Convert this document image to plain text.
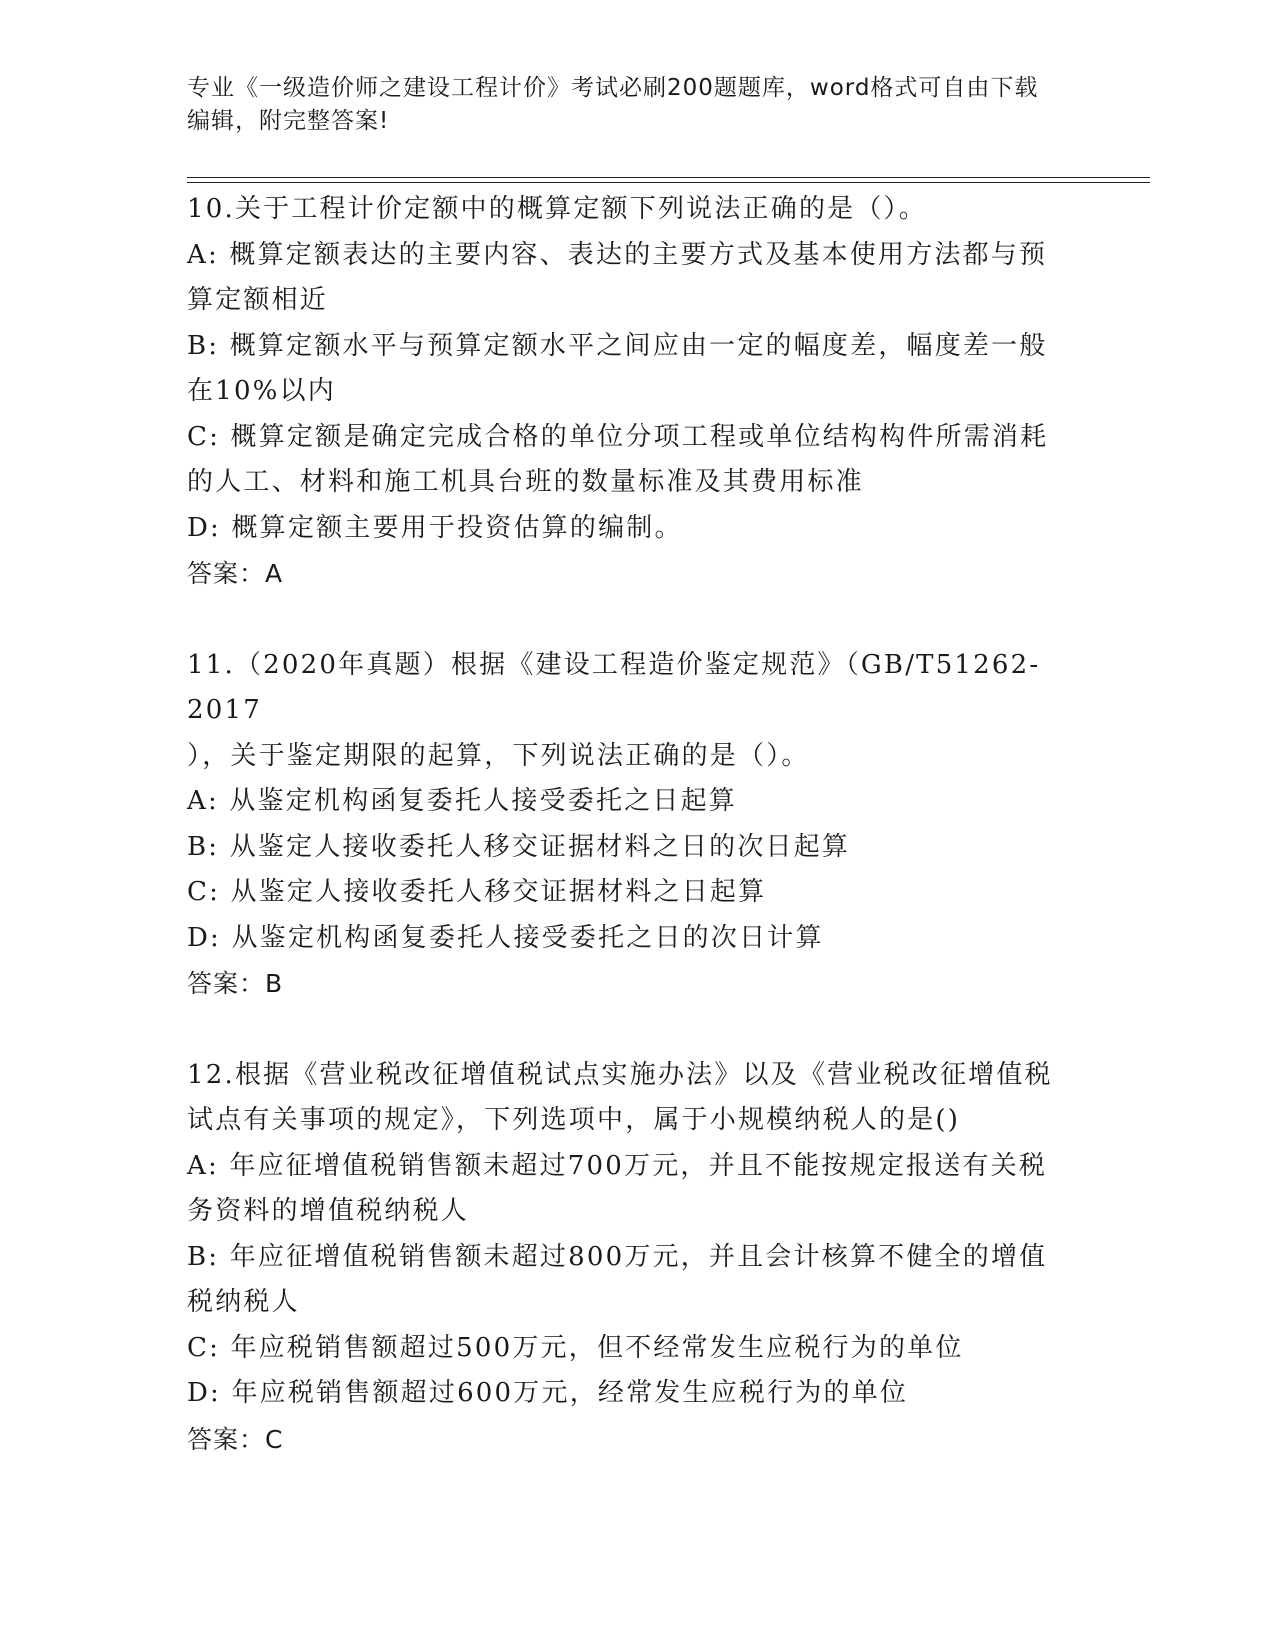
专业《一级造价师之建设工程计价》考试必刷200题题库，word格式可自由下载
编辑，附完整答案!

10.关于工程计价定额中的概算定额下列说法正确的是（）。

A: 概算定额表达的主要内容、表达的主要方式及基本使用方法都与预
算定额相近

B: 概算定额水平与预算定额水平之间应由一定的幅度差，幅度差一般
在10%以内

C: 概算定额是确定完成合格的单位分项工程或单位结构构件所需消耗
的人工、材料和施工机具台班的数量标准及其费用标准

D: 概算定额主要用于投资估算的编制。

答案：A

11.（2020年真题）根据《建设工程造价鉴定规范》（GB/T51262-2017
），关于鉴定期限的起算，下列说法正确的是（）。

A: 从鉴定机构函复委托人接受委托之日起算

B: 从鉴定人接收委托人移交证据材料之日的次日起算

C: 从鉴定人接收委托人移交证据材料之日起算

D: 从鉴定机构函复委托人接受委托之日的次日计算

答案：B

12.根据《营业税改征增值税试点实施办法》以及《营业税改征增值税
试点有关事项的规定》，下列选项中，属于小规模纳税人的是()

A: 年应征增值税销售额未超过700万元，并且不能按规定报送有关税
务资料的增值税纳税人

B: 年应征增值税销售额未超过800万元，并且会计核算不健全的增值
税纳税人

C: 年应税销售额超过500万元，但不经常发生应税行为的单位

D: 年应税销售额超过600万元，经常发生应税行为的单位

答案：C
